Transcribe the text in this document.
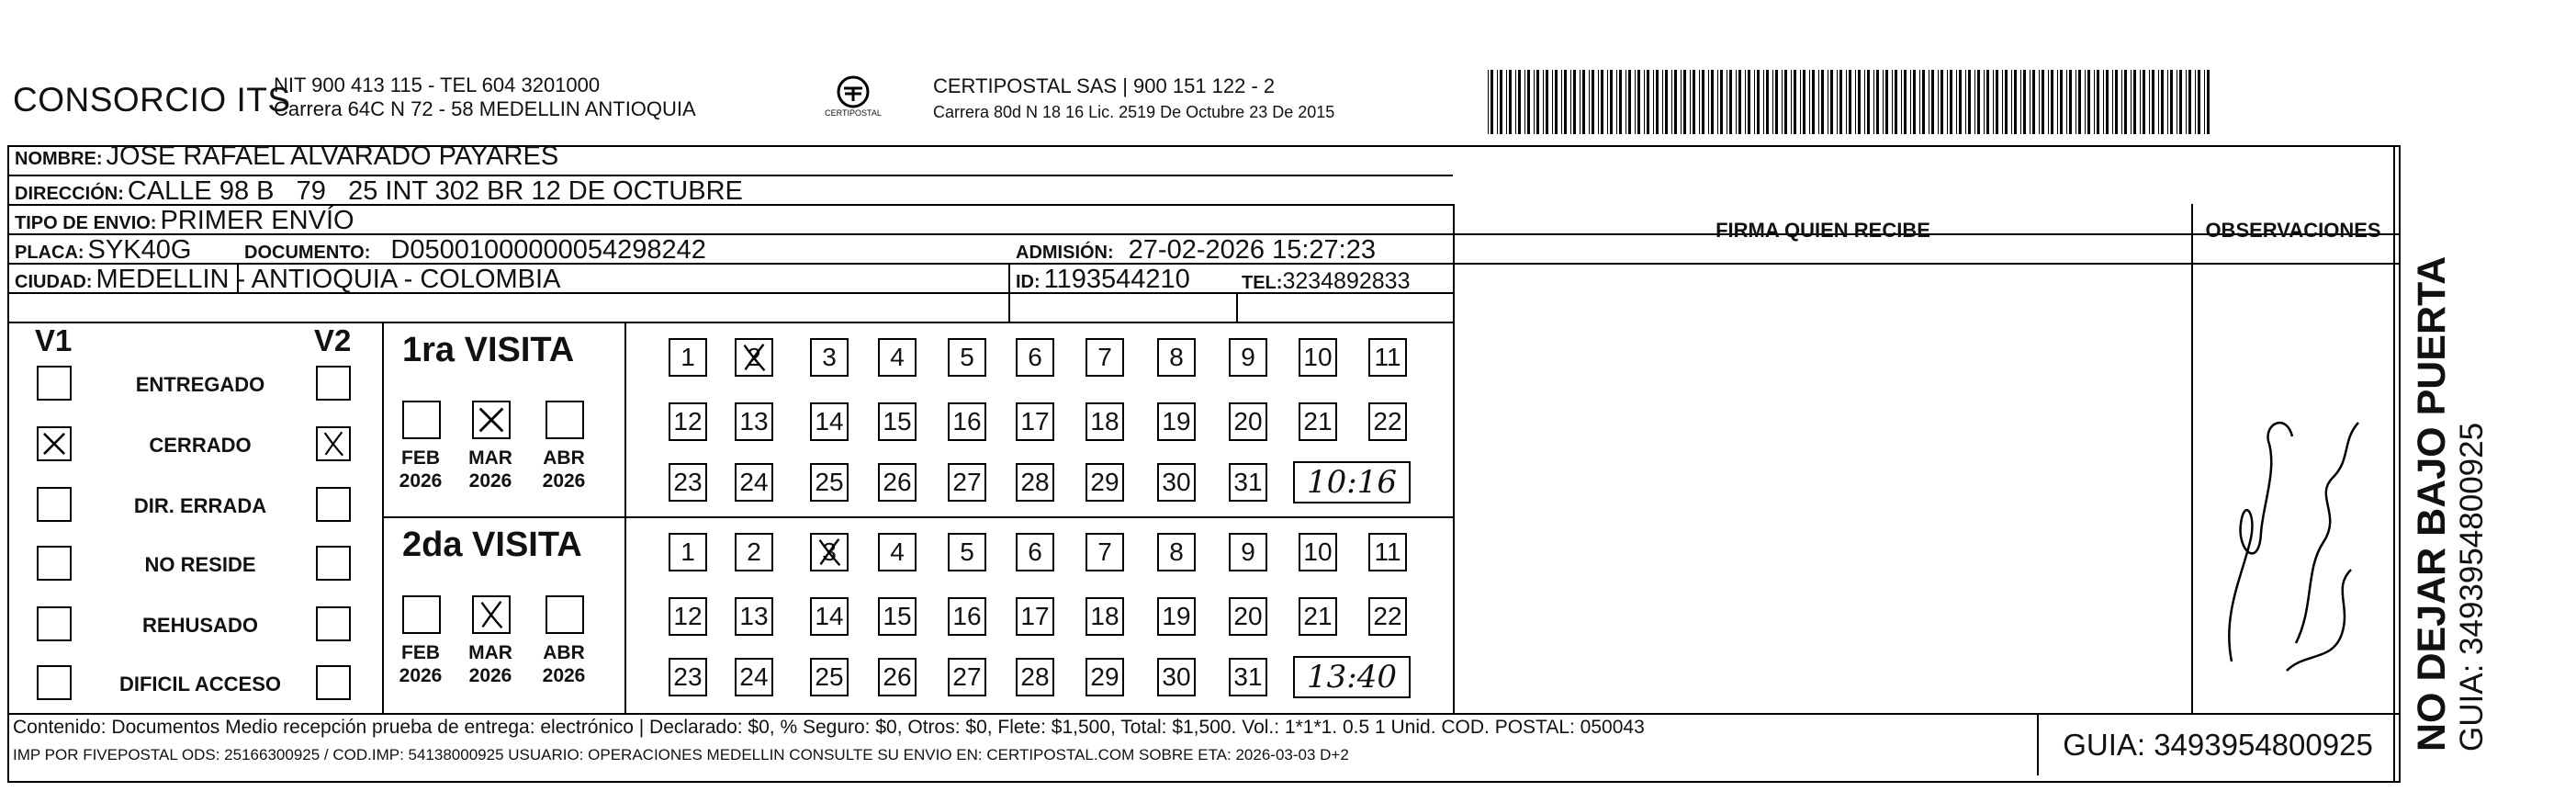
CONSORCIO ITS
NIT 900 413 115 - TEL 604 3201000
Carrera 64C N 72 - 58 MEDELLIN ANTIOQUIA	CERTIPOSTAL
CERTIPOSTAL SAS | 900 151 122 - 2
Carrera 80d N 18 16 Lic. 2519 De Octubre 23 De 2015
NOMBRE: JOSE RAFAEL ALVARADO PAYARES
DIRECCIÓN: CALLE 98 B   79   25 INT 302 BR 12 DE OCTUBRE
TIPO DE ENVIO: PRIMER ENVÍO
PLACA: SYK40G	DOCUMENTO: D05001000000054298242	ADMISIÓN: 27-02-2026 15:27:23
FIRMA QUIEN RECIBE	OBSERVACIONES
CIUDAD: MEDELLIN - ANTIOQUIA - COLOMBIA	ID: 1193544210	TEL:3234892833
V1	V2
ENTREGADO
CERRADO
DIR. ERRADA
NO RESIDE
REHUSADO
DIFICIL ACCESO
1ra VISITA
FEB
2026
MAR
2026
ABR
2026
1	2	3	4	5	6	7	8	9	10 11
12 13 14 15 16 17 18 19 20 21 22
23 24 25 26 27 28 29 30 31	10:16
2da VISITA
FEB
2026
MAR
2026
ABR
2026
1	2	3	4	5	6	7	8	9	10 11
12 13 14 15 16 17 18 19 20 21 22
23 24 25 26 27 28 29 30 31	13:40
Contenido: Documentos Medio recepción prueba de entrega: electrónico | Declarado: $0, % Seguro: $0, Otros: $0, Flete: $1,500, Total: $1,500. Vol.: 1*1*1. 0.5 1 Unid. COD. POSTAL: 050043
IMP POR FIVEPOSTAL ODS: 25166300925 / COD.IMP: 54138000925 USUARIO: OPERACIONES MEDELLIN CONSULTE SU ENVIO EN: CERTIPOSTAL.COM SOBRE ETA: 2026-03-03 D+2	GUIA: 3493954800925 NO DEJAR BAJO PUERTA GUIA: 3493954800925
